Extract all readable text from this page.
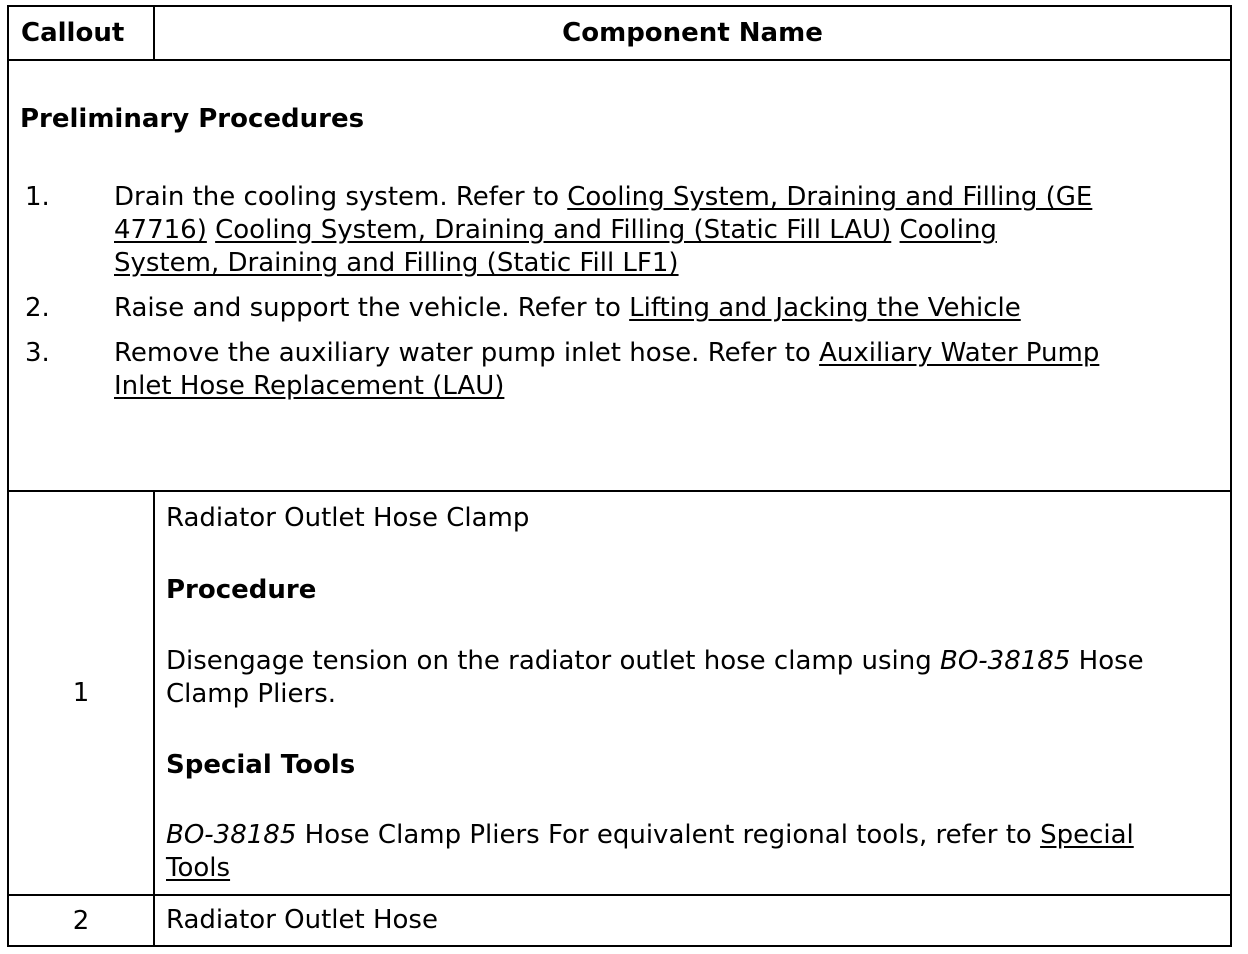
Callout	Component Name
Preliminary Procedures
1. Drain the cooling system. Refer to Cooling System, Draining and Filling (GE 47716) Cooling System, Draining and Filling (Static Fill LAU) Cooling System, Draining and Filling (Static Fill LF1)
2. Raise and support the vehicle. Refer to Lifting and Jacking the Vehicle
3. Remove the auxiliary water pump inlet hose. Refer to Auxiliary Water Pump Inlet Hose Replacement (LAU)
1

Radiator Outlet Hose Clamp

Procedure

Disengage tension on the radiator outlet hose clamp using BO-38185 Hose Clamp Pliers.

Special Tools

BO-38185 Hose Clamp Pliers For equivalent regional tools, refer to Special Tools

2	Radiator Outlet Hose
